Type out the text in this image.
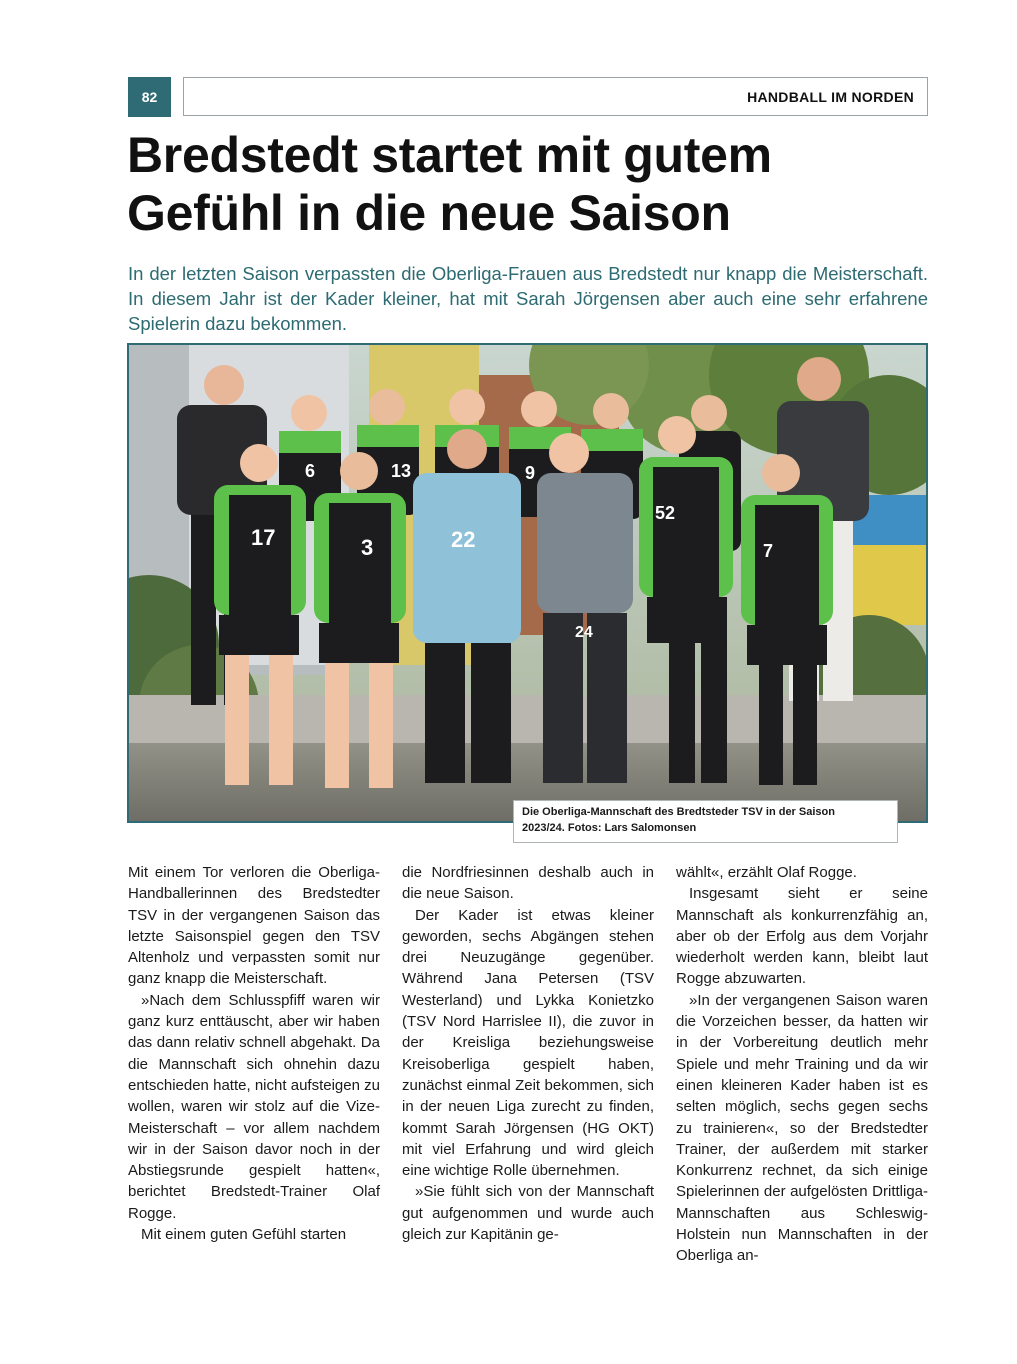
82	HANDBALL IM NORDEN
Bredstedt startet mit gutem
Gefühl in die neue Saison

In der letzten Saison verpassten die Oberliga-Frauen aus Bredstedt nur knapp die Meisterschaft. In diesem Jahr ist der Kader kleiner, hat mit Sarah Jörgensen aber auch eine sehr erfahrene Spielerin dazu bekommen.

6	13	9
17	3	22
24
52
7
Die Oberliga-Mannschaft des Bredtsteder TSV in der Saison
2023/24. Fotos: Lars Salomonsen

Mit einem Tor verloren die Oberliga-Handballerinnen des Bredstedter TSV in der vergangenen Saison das letzte Saisonspiel gegen den TSV Altenholz und verpassten somit nur ganz knapp die Meisterschaft.

»Nach dem Schlusspfiff waren wir ganz kurz enttäuscht, aber wir haben das dann relativ schnell abgehakt. Da die Mannschaft sich ohnehin dazu entschieden hatte, nicht aufsteigen zu wollen, waren wir stolz auf die Vize-Meisterschaft – vor allem nachdem wir in der Saison davor noch in der Abstiegsrunde gespielt hatten«, berichtet Bredstedt-Trainer Olaf Rogge.

Mit einem guten Gefühl starten

die Nordfriesinnen deshalb auch in die neue Saison.

Der Kader ist etwas kleiner geworden, sechs Abgängen stehen drei Neuzugänge gegenüber. Während Jana Petersen (TSV Westerland) und Lykka Konietzko (TSV Nord Harrislee II), die zuvor in der Kreisliga beziehungsweise Kreisoberliga gespielt haben, zunächst einmal Zeit bekommen, sich in der neuen Liga zurecht zu finden, kommt Sarah Jörgensen (HG OKT) mit viel Erfahrung und wird gleich eine wichtige Rolle übernehmen.

»Sie fühlt sich von der Mannschaft gut aufgenommen und wurde auch gleich zur Kapitänin ge-

wählt«, erzählt Olaf Rogge.

Insgesamt sieht er seine Mannschaft als konkurrenzfähig an, aber ob der Erfolg aus dem Vorjahr wiederholt werden kann, bleibt laut Rogge abzuwarten.

»In der vergangenen Saison waren die Vorzeichen besser, da hatten wir in der Vorbereitung deutlich mehr Spiele und mehr Training und da wir einen kleineren Kader haben ist es selten möglich, sechs gegen sechs zu trainieren«, so der Bredstedter Trainer, der außerdem mit starker Konkurrenz rechnet, da sich einige Spielerinnen der aufgelösten Drittliga-Mannschaften aus Schleswig-Holstein nun Mannschaften in der Oberliga an-
